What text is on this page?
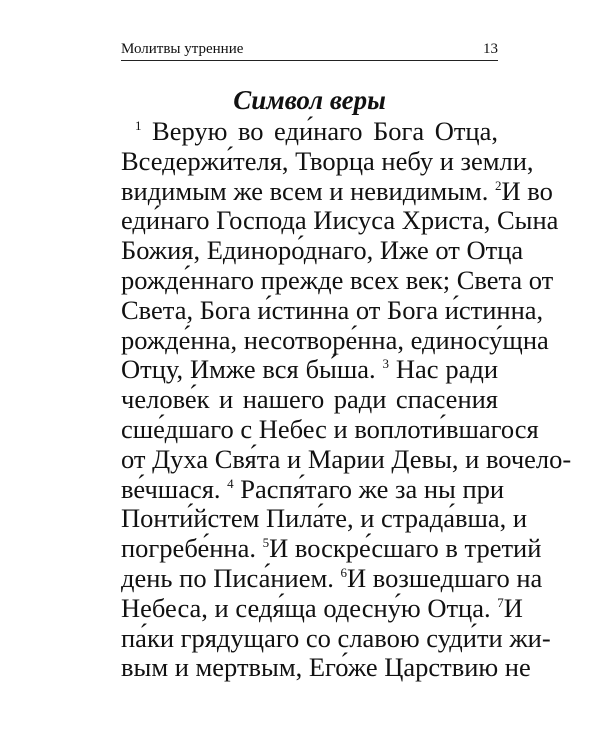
Молитвы утренние	13
Символ веры
$^1$ Верую во еди́наго Бога Отца,
Вседержи́теля, Творца небу и земли,
видимым же всем и невидимым. $^2$И во
еди́наго Господа Иисуса Христа, Сына
Божия, Единоро́днаго, Иже от Отца
рожде́ннаго прежде всех век; Света от
Света, Бога и́стинна от Бога и́стинна,
рожде́нна, несотворе́нна, единосу́щна
Отцу, Имже вся бы́ша. $^3$ Нас ради
челове́к и нашего ради спасения
сше́дшаго с Небес и воплоти́вшагося
от Духа Свя́та и Марии Девы, и вочело-
ве́чшася. $^4$ Распя́таго же за ны при
Понти́йстем Пила́те, и страда́вша, и
погребе́нна. $^5$И воскре́сшаго в третий
день по Писа́нием. $^6$И возшедшаго на
Небеса, и седя́ща одесну́ю Отца. $^7$И
па́ки грядущаго со славою суди́ти жи-
вым и мертвым, Его́же Царствию не
